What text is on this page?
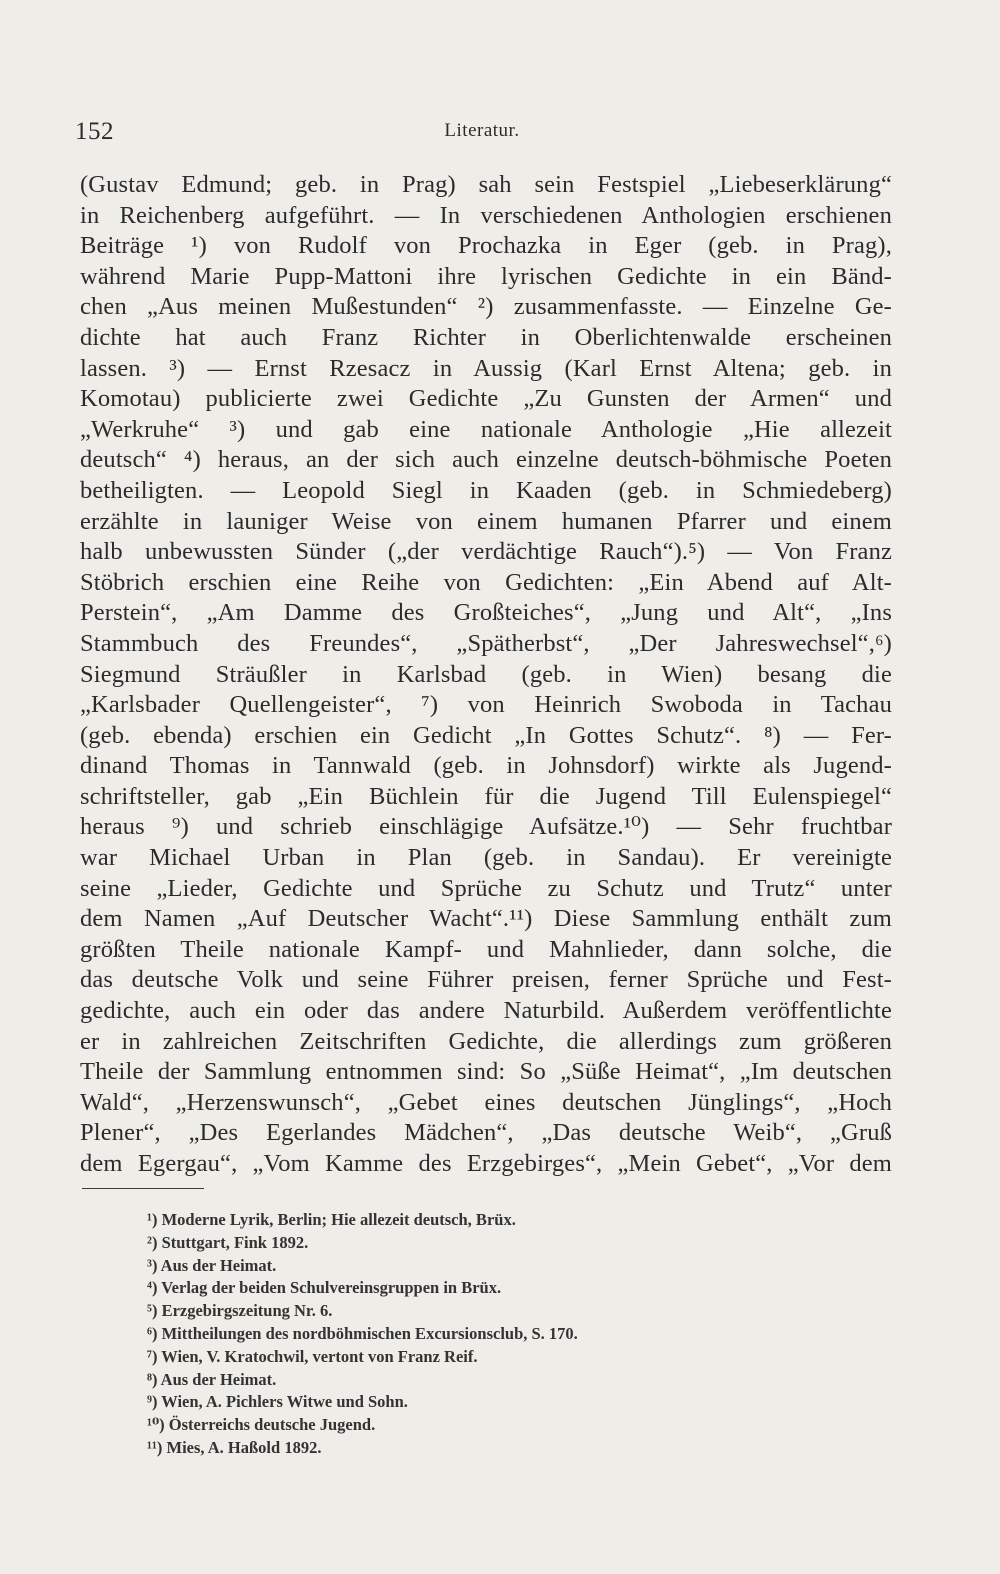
152	Literatur.
(Gustav Edmund; geb. in Prag) sah sein Festspiel „Liebeserklärung“
in Reichenberg aufgeführt. — In verschiedenen Anthologien erschienen
Beiträge ¹) von Rudolf von Prochazka in Eger (geb. in Prag),
während Marie Pupp-Mattoni ihre lyrischen Gedichte in ein Bänd-
chen „Aus meinen Mußestunden“ ²) zusammenfasste. — Einzelne Ge-
dichte hat auch Franz Richter in Oberlichtenwalde erscheinen
lassen. ³) — Ernst Rzesacz in Aussig (Karl Ernst Altena; geb. in
Komotau) publicierte zwei Gedichte „Zu Gunsten der Armen“ und
„Werkruhe“ ³) und gab eine nationale Anthologie „Hie allezeit
deutsch“ ⁴) heraus, an der sich auch einzelne deutsch-böhmische Poeten
betheiligten. — Leopold Siegl in Kaaden (geb. in Schmiedeberg)
erzählte in launiger Weise von einem humanen Pfarrer und einem
halb unbewussten Sünder („der verdächtige Rauch“).⁵) — Von Franz
Stöbrich erschien eine Reihe von Gedichten: „Ein Abend auf Alt-
Perstein“, „Am Damme des Großteiches“, „Jung und Alt“, „Ins
Stammbuch des Freundes“, „Spätherbst“, „Der Jahreswechsel“,⁶)
Siegmund Sträußler in Karlsbad (geb. in Wien) besang die
„Karlsbader Quellengeister“, ⁷) von Heinrich Swoboda in Tachau
(geb. ebenda) erschien ein Gedicht „In Gottes Schutz“. ⁸) — Fer-
dinand Thomas in Tannwald (geb. in Johnsdorf) wirkte als Jugend-
schriftsteller, gab „Ein Büchlein für die Jugend Till Eulenspiegel“
heraus ⁹) und schrieb einschlägige Aufsätze.¹⁰) — Sehr fruchtbar
war Michael Urban in Plan (geb. in Sandau). Er vereinigte
seine „Lieder, Gedichte und Sprüche zu Schutz und Trutz“ unter
dem Namen „Auf Deutscher Wacht“.¹¹) Diese Sammlung enthält zum
größten Theile nationale Kampf- und Mahnlieder, dann solche, die
das deutsche Volk und seine Führer preisen, ferner Sprüche und Fest-
gedichte, auch ein oder das andere Naturbild. Außerdem veröffentlichte
er in zahlreichen Zeitschriften Gedichte, die allerdings zum größeren
Theile der Sammlung entnommen sind: So „Süße Heimat“, „Im deutschen
Wald“, „Herzenswunsch“, „Gebet eines deutschen Jünglings“, „Hoch
Plener“, „Des Egerlandes Mädchen“, „Das deutsche Weib“, „Gruß
dem Egergau“, „Vom Kamme des Erzgebirges“, „Mein Gebet“, „Vor dem
¹) Moderne Lyrik, Berlin; Hie allezeit deutsch, Brüx.
²) Stuttgart, Fink 1892.
³) Aus der Heimat.
⁴) Verlag der beiden Schulvereinsgruppen in Brüx.
⁵) Erzgebirgszeitung Nr. 6.
⁶) Mittheilungen des nordböhmischen Excursionsclub, S. 170.
⁷) Wien, V. Kratochwil, vertont von Franz Reif.
⁸) Aus der Heimat.
⁹) Wien, A. Pichlers Witwe und Sohn.
¹⁰) Österreichs deutsche Jugend.
¹¹) Mies, A. Haßold 1892.
